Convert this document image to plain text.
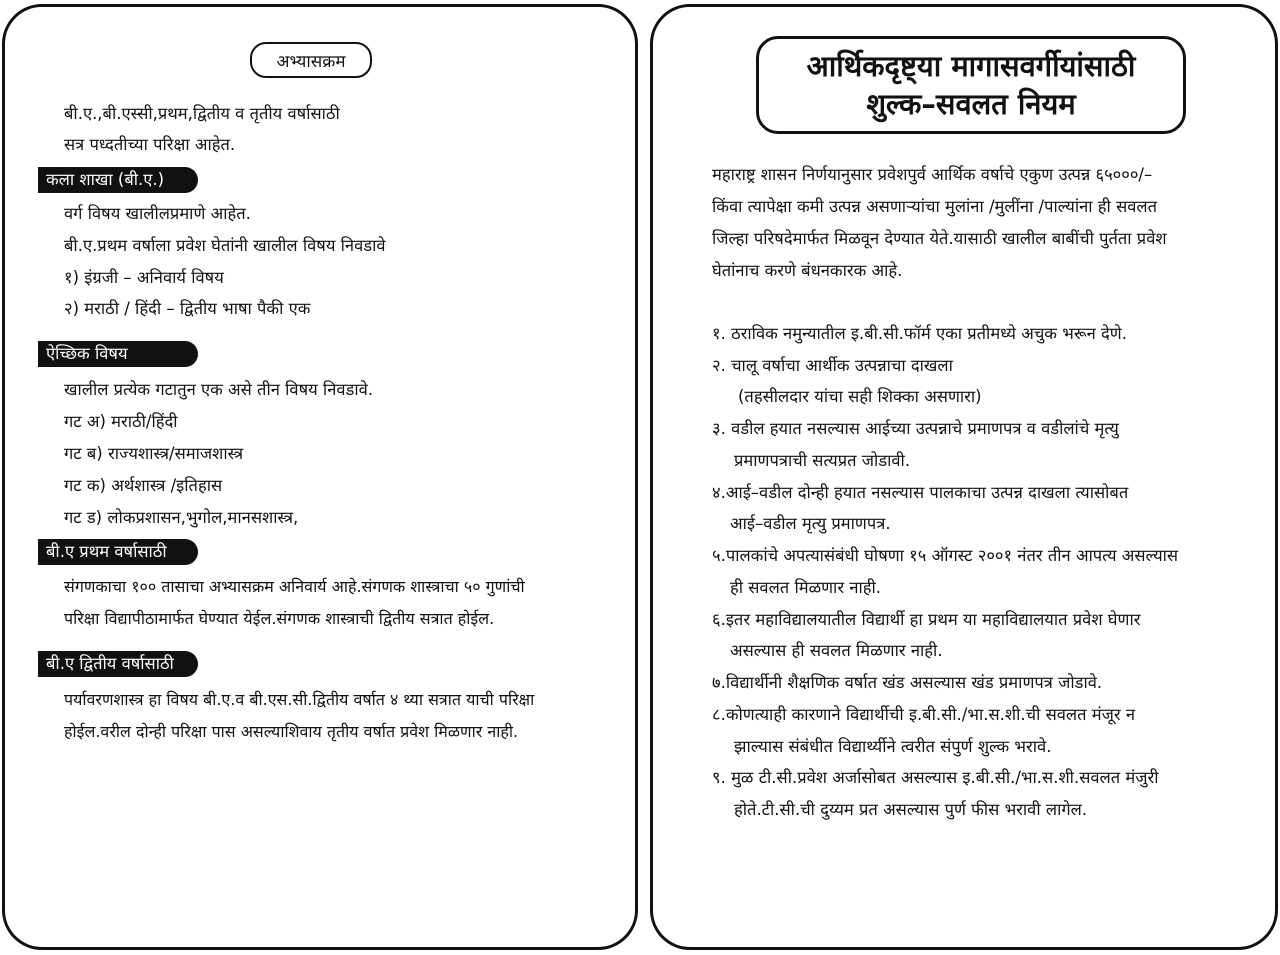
अभ्यासक्रम
बी.ए.,बी.एस्सी,प्रथम,द्वितीय व तृतीय वर्षासाठी
सत्र पध्दतीच्या परिक्षा आहेत.
कला शाखा (बी.ए.)
वर्ग विषय खालीलप्रमाणे आहेत.
बी.ए.प्रथम वर्षाला प्रवेश घेतांनी खालील विषय निवडावे
१) इंग्रजी – अनिवार्य विषय
२) मराठी / हिंदी – द्वितीय भाषा पैकी एक
ऐच्छिक विषय
खालील प्रत्येक गटातुन एक असे तीन विषय निवडावे.
गट अ) मराठी/हिंदी
गट ब) राज्यशास्त्र/समाजशास्त्र
गट क) अर्थशास्त्र /इतिहास
गट ड) लोकप्रशासन,भुगोल,मानसशास्त्र,
बी.ए प्रथम वर्षासाठी
संगणकाचा १०० तासाचा अभ्यासक्रम अनिवार्य आहे.संगणक शास्त्राचा ५० गुणांची
परिक्षा विद्यापीठामार्फत घेण्यात येईल.संगणक शास्त्राची द्वितीय सत्रात होईल.
बी.ए द्वितीय वर्षासाठी
पर्यावरणशास्त्र हा विषय बी.ए.व बी.एस.सी.द्वितीय वर्षात ४ थ्या सत्रात याची परिक्षा
होईल.वरील दोन्ही परिक्षा पास असल्याशिवाय तृतीय वर्षात प्रवेश मिळणार नाही.
आर्थिकदृष्ट्या मागासवर्गीयांसाठी
शुल्क–सवलत नियम
महाराष्ट्र शासन निर्णयानुसार प्रवेशपुर्व आर्थिक वर्षाचे एकुण उत्पन्न ६५०००/–
किंवा त्यापेक्षा कमी उत्पन्न असणाऱ्यांचा मुलांना /मुलींना /पाल्यांना ही सवलत
जिल्हा परिषदेमार्फत मिळवून देण्यात येते.यासाठी खालील बाबींची पुर्तता प्रवेश
घेतांनाच करणे बंधनकारक आहे.
१. ठराविक नमुन्यातील इ.बी.सी.फॉर्म एका प्रतीमध्ये अचुक भरून देणे.
२. चालू वर्षाचा आर्थीक उत्पन्नाचा दाखला
(तहसीलदार यांचा सही शिक्का असणारा)
३. वडील हयात नसल्यास आईच्या उत्पन्नाचे प्रमाणपत्र व वडीलांचे मृत्यु
प्रमाणपत्राची सत्यप्रत जोडावी.
४.आई–वडील दोन्ही हयात नसल्यास पालकाचा उत्पन्न दाखला त्यासोबत
आई–वडील मृत्यु प्रमाणपत्र.
५.पालकांचे अपत्यासंबंधी घोषणा १५ ऑगस्ट २००१ नंतर तीन आपत्य असल्यास
ही सवलत मिळणार नाही.
६.इतर महाविद्यालयातील विद्यार्थी हा प्रथम या महाविद्यालयात प्रवेश घेणार
असल्यास ही सवलत मिळणार नाही.
७.विद्यार्थीनी शैक्षणिक वर्षात खंड असल्यास खंड प्रमाणपत्र जोडावे.
८.कोणत्याही कारणाने विद्यार्थीची इ.बी.सी./भा.स.शी.ची सवलत मंजूर न
झाल्यास संबंधीत विद्यार्थ्यीने त्वरीत संपुर्ण शुल्क भरावे.
९. मुळ टी.सी.प्रवेश अर्जासोबत असल्यास इ.बी.सी./भा.स.शी.सवलत मंजुरी
होते.टी.सी.ची दुय्यम प्रत असल्यास पुर्ण फीस भरावी लागेल.
